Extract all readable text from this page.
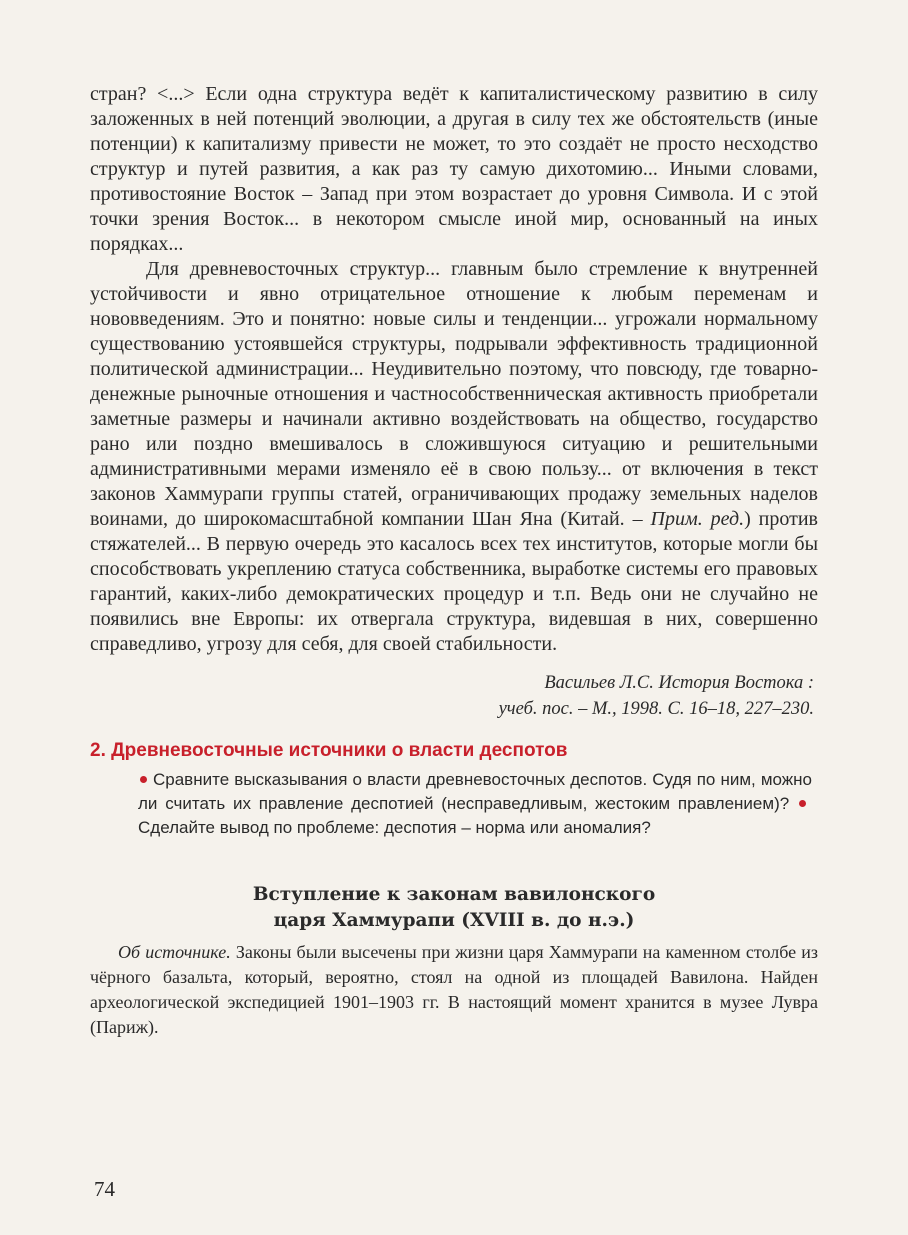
стран? <...> Если одна структура ведёт к капиталистическому развитию в силу заложенных в ней потенций эволюции, а другая в силу тех же обстоятельств (иные потенции) к капитализму привести не может, то это создаёт не просто несходство структур и путей развития, а как раз ту самую дихотомию... Иными словами, противостояние Восток – Запад при этом возрастает до уровня Символа. И с этой точки зрения Восток... в некотором смысле иной мир, основанный на иных порядках...

Для древневосточных структур... главным было стремление к внутренней устойчивости и явно отрицательное отношение к любым переменам и нововведениям. Это и понятно: новые силы и тенденции... угрожали нормальному существованию устоявшейся структуры, подрывали эффективность традиционной политической администрации... Неудивительно поэтому, что повсюду, где товарно-денежные рыночные отношения и частнособственническая активность приобретали заметные размеры и начинали активно воздействовать на общество, государство рано или поздно вмешивалось в сложившуюся ситуацию и решительными административными мерами изменяло её в свою пользу... от включения в текст законов Хаммурапи группы статей, ограничивающих продажу земельных наделов воинами, до широкомасштабной компании Шан Яна (Китай. – Прим. ред.) против стяжателей... В первую очередь это касалось всех тех институтов, которые могли бы способствовать укреплению статуса собственника, выработке системы его правовых гарантий, каких-либо демократических процедур и т.п. Ведь они не случайно не появились вне Европы: их отвергала структура, видевшая в них, совершенно справедливо, угрозу для себя, для своей стабильности.

Васильев Л.С. История Востока :
учеб. пос. – М., 1998. С. 16–18, 227–230.
2. Древневосточные источники о власти деспотов
Сравните высказывания о власти древневосточных деспотов. Судя по ним, можно ли считать их правление деспотией (несправедливым, жестоким правлением)? Сделайте вывод по проблеме: деспотия – норма или аномалия?
Вступление к законам вавилонского
царя Хаммурапи (XVIII в. до н.э.)
Об источнике. Законы были высечены при жизни царя Хаммурапи на каменном столбе из чёрного базальта, который, вероятно, стоял на одной из площадей Вавилона. Найден археологической экспедицией 1901–1903 гг. В настоящий момент хранится в музее Лувра (Париж).
74
